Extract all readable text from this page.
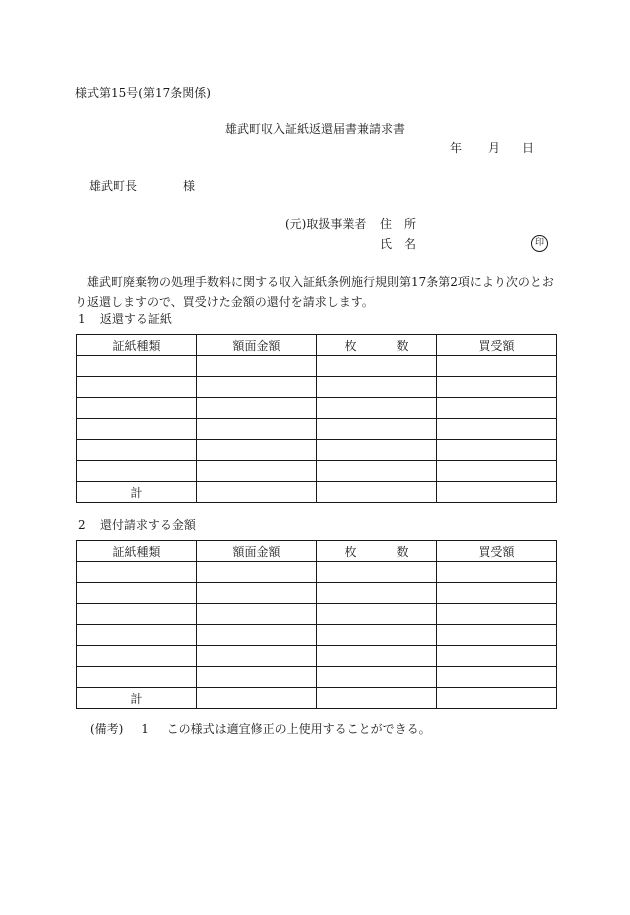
様式第15号(第17条関係)
雄武町収入証紙返還届書兼請求書
年 月 日
雄武町長	様
(元)取扱事業者 住　所
氏　名	印
雄武町廃棄物の処理手数料に関する収入証紙条例施行規則第17条第2項により次のとおり返還しますので、買受けた金額の還付を請求します。
1 返還する証紙
証紙種類	額面金額	枚 数	買受額

計			
2 還付請求する金額
証紙種類	額面金額	枚 数	買受額

計			
(備考) 1 この様式は適宜修正の上使用することができる。
